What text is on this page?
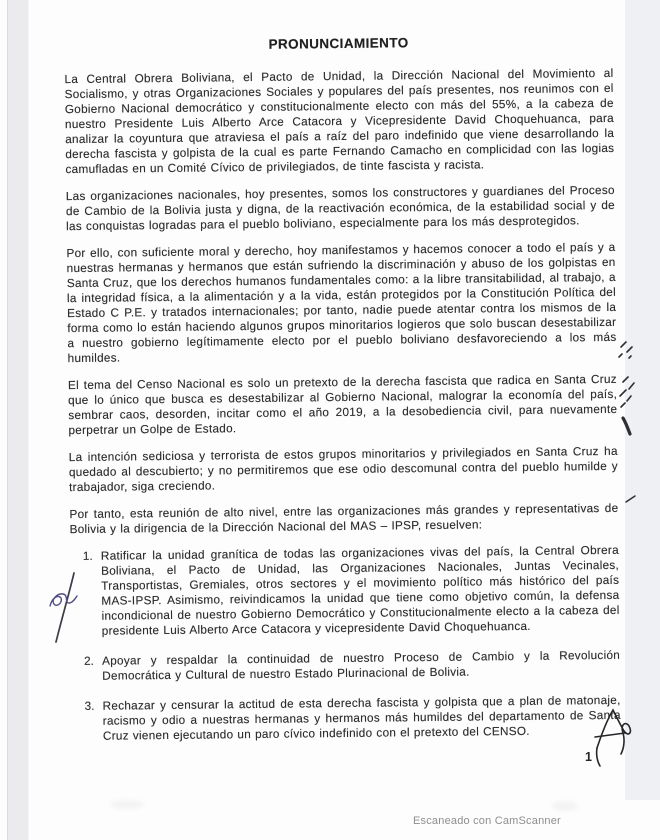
PRONUNCIAMIENTO

La Central Obrera Boliviana, el Pacto de Unidad, la Dirección Nacional del Movimiento al Socialismo, y otras Organizaciones Sociales y populares del país presentes, nos reunimos con el Gobierno Nacional democrático y constitucionalmente electo con más del 55%, a la cabeza de nuestro Presidente Luis Alberto Arce Catacora y Vicepresidente David Choquehuanca, para analizar la coyuntura que atraviesa el país a raíz del paro indefinido que viene desarrollando la derecha fascista y golpista de la cual es parte Fernando Camacho en complicidad con las logias camufladas en un Comité Cívico de privilegiados, de tinte fascista y racista.

Las organizaciones nacionales, hoy presentes, somos los constructores y guardianes del Proceso de Cambio de la Bolivia justa y digna, de la reactivación económica, de la estabilidad social y de las conquistas logradas para el pueblo boliviano, especialmente para los más desprotegidos.

Por ello, con suficiente moral y derecho, hoy manifestamos y hacemos conocer a todo el país y a nuestras hermanas y hermanos que están sufriendo la discriminación y abuso de los golpistas en Santa Cruz, que los derechos humanos fundamentales como: a la libre transitabilidad, al trabajo, a la integridad física, a la alimentación y a la vida, están protegidos por la Constitución Política del Estado C P.E. y tratados internacionales; por tanto, nadie puede atentar contra los mismos de la forma como lo están haciendo algunos grupos minoritarios logieros que solo buscan desestabilizar a nuestro gobierno legítimamente electo por el pueblo boliviano desfavoreciendo a los más humildes.

El tema del Censo Nacional es solo un pretexto de la derecha fascista que radica en Santa Cruz que lo único que busca es desestabilizar al Gobierno Nacional, malograr la economía del país, sembrar caos, desorden, incitar como el año 2019, a la desobediencia civil, para nuevamente perpetrar un Golpe de Estado.

La intención sediciosa y terrorista de estos grupos minoritarios y privilegiados en Santa Cruz ha quedado al descubierto; y no permitiremos que ese odio descomunal contra del pueblo humilde y trabajador, siga creciendo.

Por tanto, esta reunión de alto nivel, entre las organizaciones más grandes y representativas de Bolivia y la dirigencia de la Dirección Nacional del MAS – IPSP, resuelven:

1. Ratificar la unidad granítica de todas las organizaciones vivas del país, la Central Obrera Boliviana, el Pacto de Unidad, las Organizaciones Nacionales, Juntas Vecinales, Transportistas, Gremiales, otros sectores y el movimiento político más histórico del país MAS-IPSP. Asimismo, reivindicamos la unidad que tiene como objetivo común, la defensa incondicional de nuestro Gobierno Democrático y Constitucionalmente electo a la cabeza del presidente Luis Alberto Arce Catacora y vicepresidente David Choquehuanca.
2. Apoyar y respaldar la continuidad de nuestro Proceso de Cambio y la Revolución Democrática y Cultural de nuestro Estado Plurinacional de Bolivia.
3. Rechazar y censurar la actitud de esta derecha fascista y golpista que a plan de matonaje, racismo y odio a nuestras hermanas y hermanos más humildes del departamento de Santa Cruz vienen ejecutando un paro cívico indefinido con el pretexto del CENSO.
1
Escaneado con CamScanner
